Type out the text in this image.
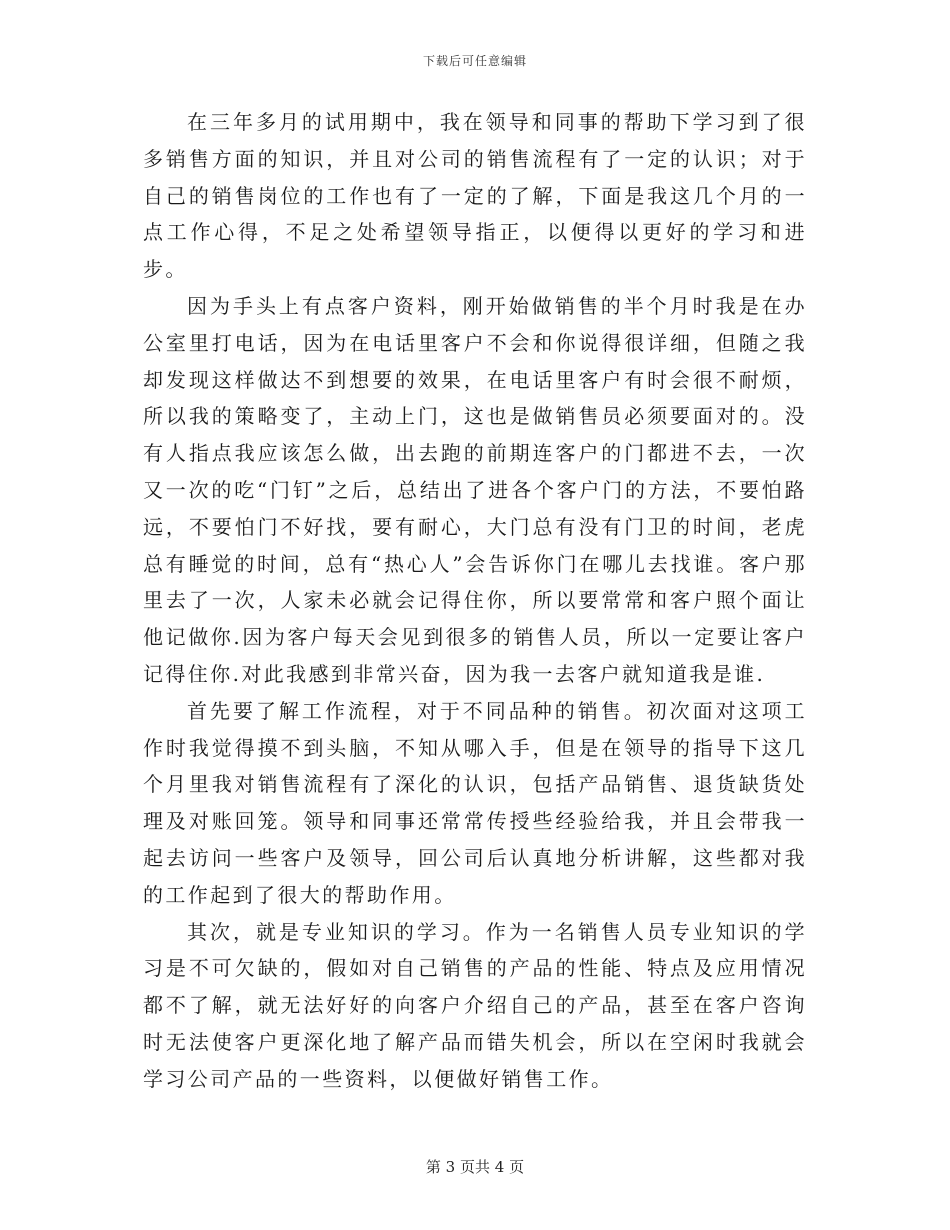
下载后可任意编辑

在三年多月的试用期中，我在领导和同事的帮助下学习到了很多销售方面的知识，并且对公司的销售流程有了一定的认识；对于自己的销售岗位的工作也有了一定的了解，下面是我这几个月的一点工作心得，不足之处希望领导指正，以便得以更好的学习和进步。

因为手头上有点客户资料，刚开始做销售的半个月时我是在办公室里打电话，因为在电话里客户不会和你说得很详细，但随之我却发现这样做达不到想要的效果，在电话里客户有时会很不耐烦，所以我的策略变了，主动上门，这也是做销售员必须要面对的。没有人指点我应该怎么做，出去跑的前期连客户的门都进不去，一次又一次的吃“门钉”之后，总结出了进各个客户门的方法，不要怕路远，不要怕门不好找，要有耐心，大门总有没有门卫的时间，老虎总有睡觉的时间，总有“热心人”会告诉你门在哪儿去找谁。客户那里去了一次，人家未必就会记得住你，所以要常常和客户照个面让他记做你.因为客户每天会见到很多的销售人员，所以一定要让客户记得住你.对此我感到非常兴奋，因为我一去客户就知道我是谁.

首先要了解工作流程，对于不同品种的销售。初次面对这项工作时我觉得摸不到头脑，不知从哪入手，但是在领导的指导下这几个月里我对销售流程有了深化的认识，包括产品销售、退货缺货处理及对账回笼。领导和同事还常常传授些经验给我，并且会带我一起去访问一些客户及领导，回公司后认真地分析讲解，这些都对我的工作起到了很大的帮助作用。

其次，就是专业知识的学习。作为一名销售人员专业知识的学习是不可欠缺的，假如对自己销售的产品的性能、特点及应用情况都不了解，就无法好好的向客户介绍自己的产品，甚至在客户咨询时无法使客户更深化地了解产品而错失机会，所以在空闲时我就会学习公司产品的一些资料，以便做好销售工作。

第 3 页共 4 页
